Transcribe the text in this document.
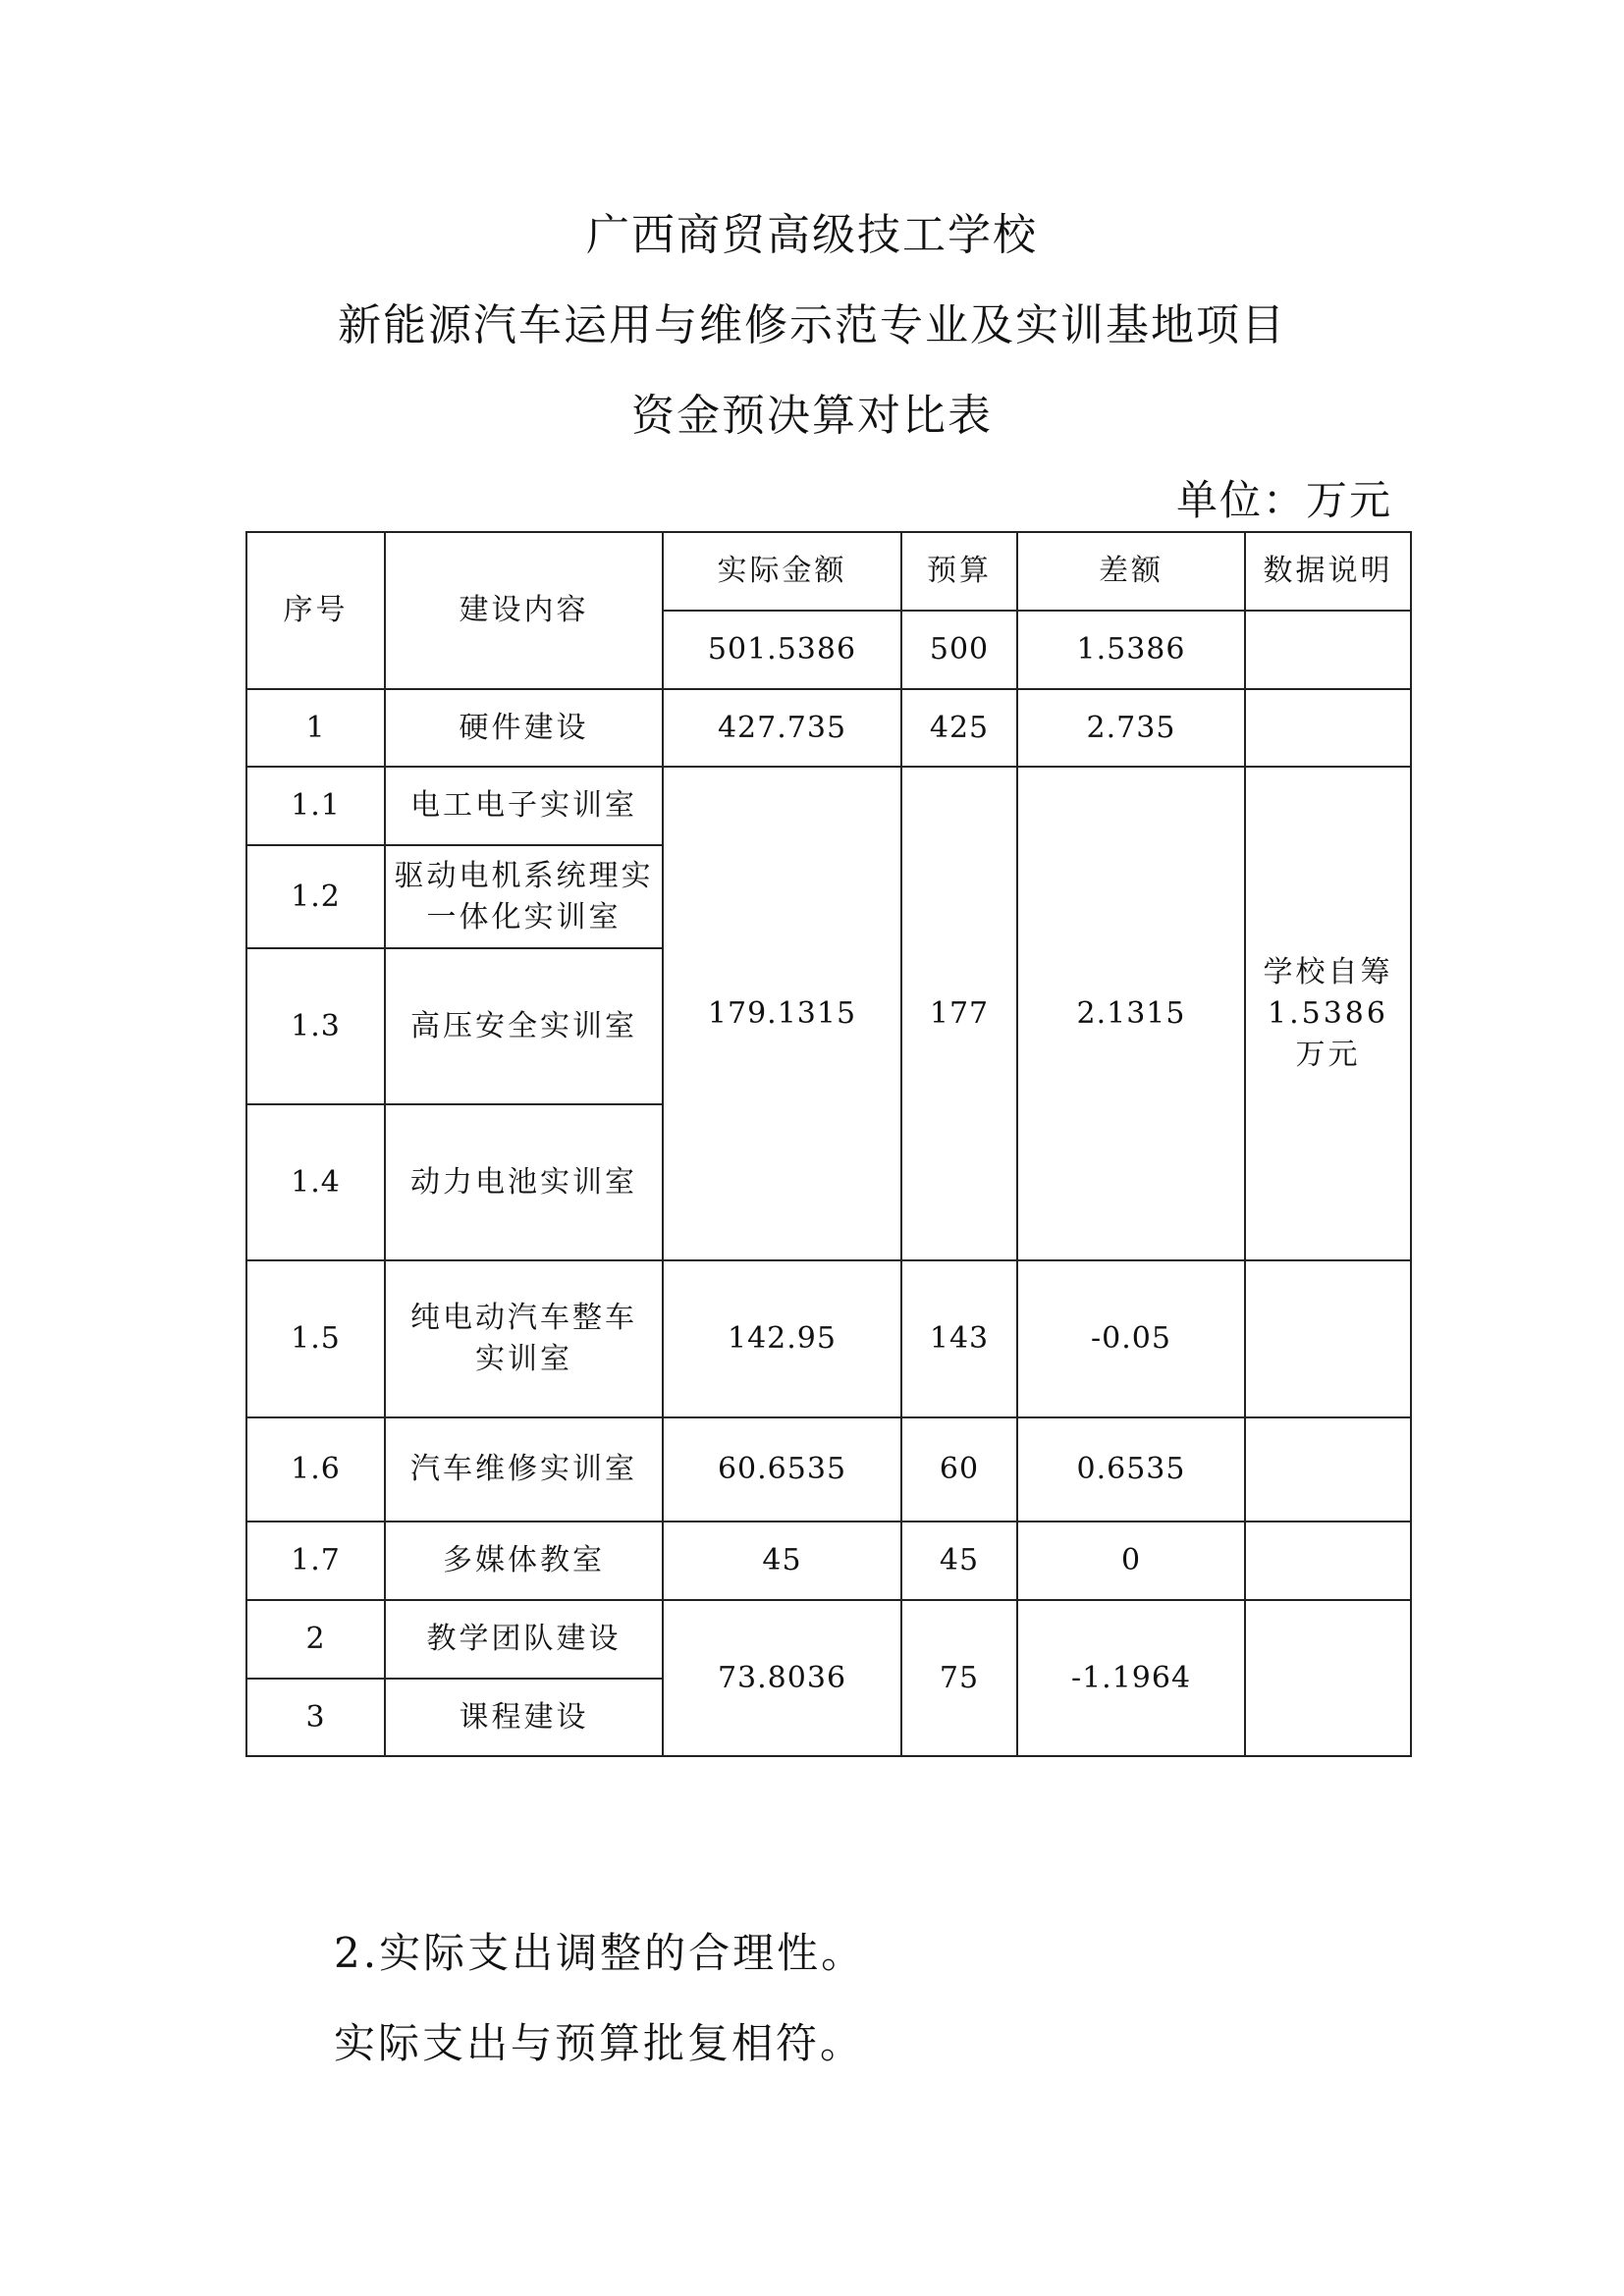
广西商贸高级技工学校
新能源汽车运用与维修示范专业及实训基地项目
资金预决算对比表
单位：万元
序号	建设内容	实际金额	预算	差额	数据说明
		501.5386	500	1.5386	
1	硬件建设	427.735	425	2.735	
1.1	电工电子实训室	179.1315	177	2.1315	学校自筹1.5386万元
1.2	驱动电机系统理实一体化实训室				
1.3	高压安全实训室				
1.4	动力电池实训室				
1.5	纯电动汽车整车实训室	142.95	143	-0.05	
1.6	汽车维修实训室	60.6535	60	0.6535	
1.7	多媒体教室	45	45	0	
2	教学团队建设	73.8036	75	-1.1964	
3	课程建设				
2.实际支出调整的合理性。
实际支出与预算批复相符。
